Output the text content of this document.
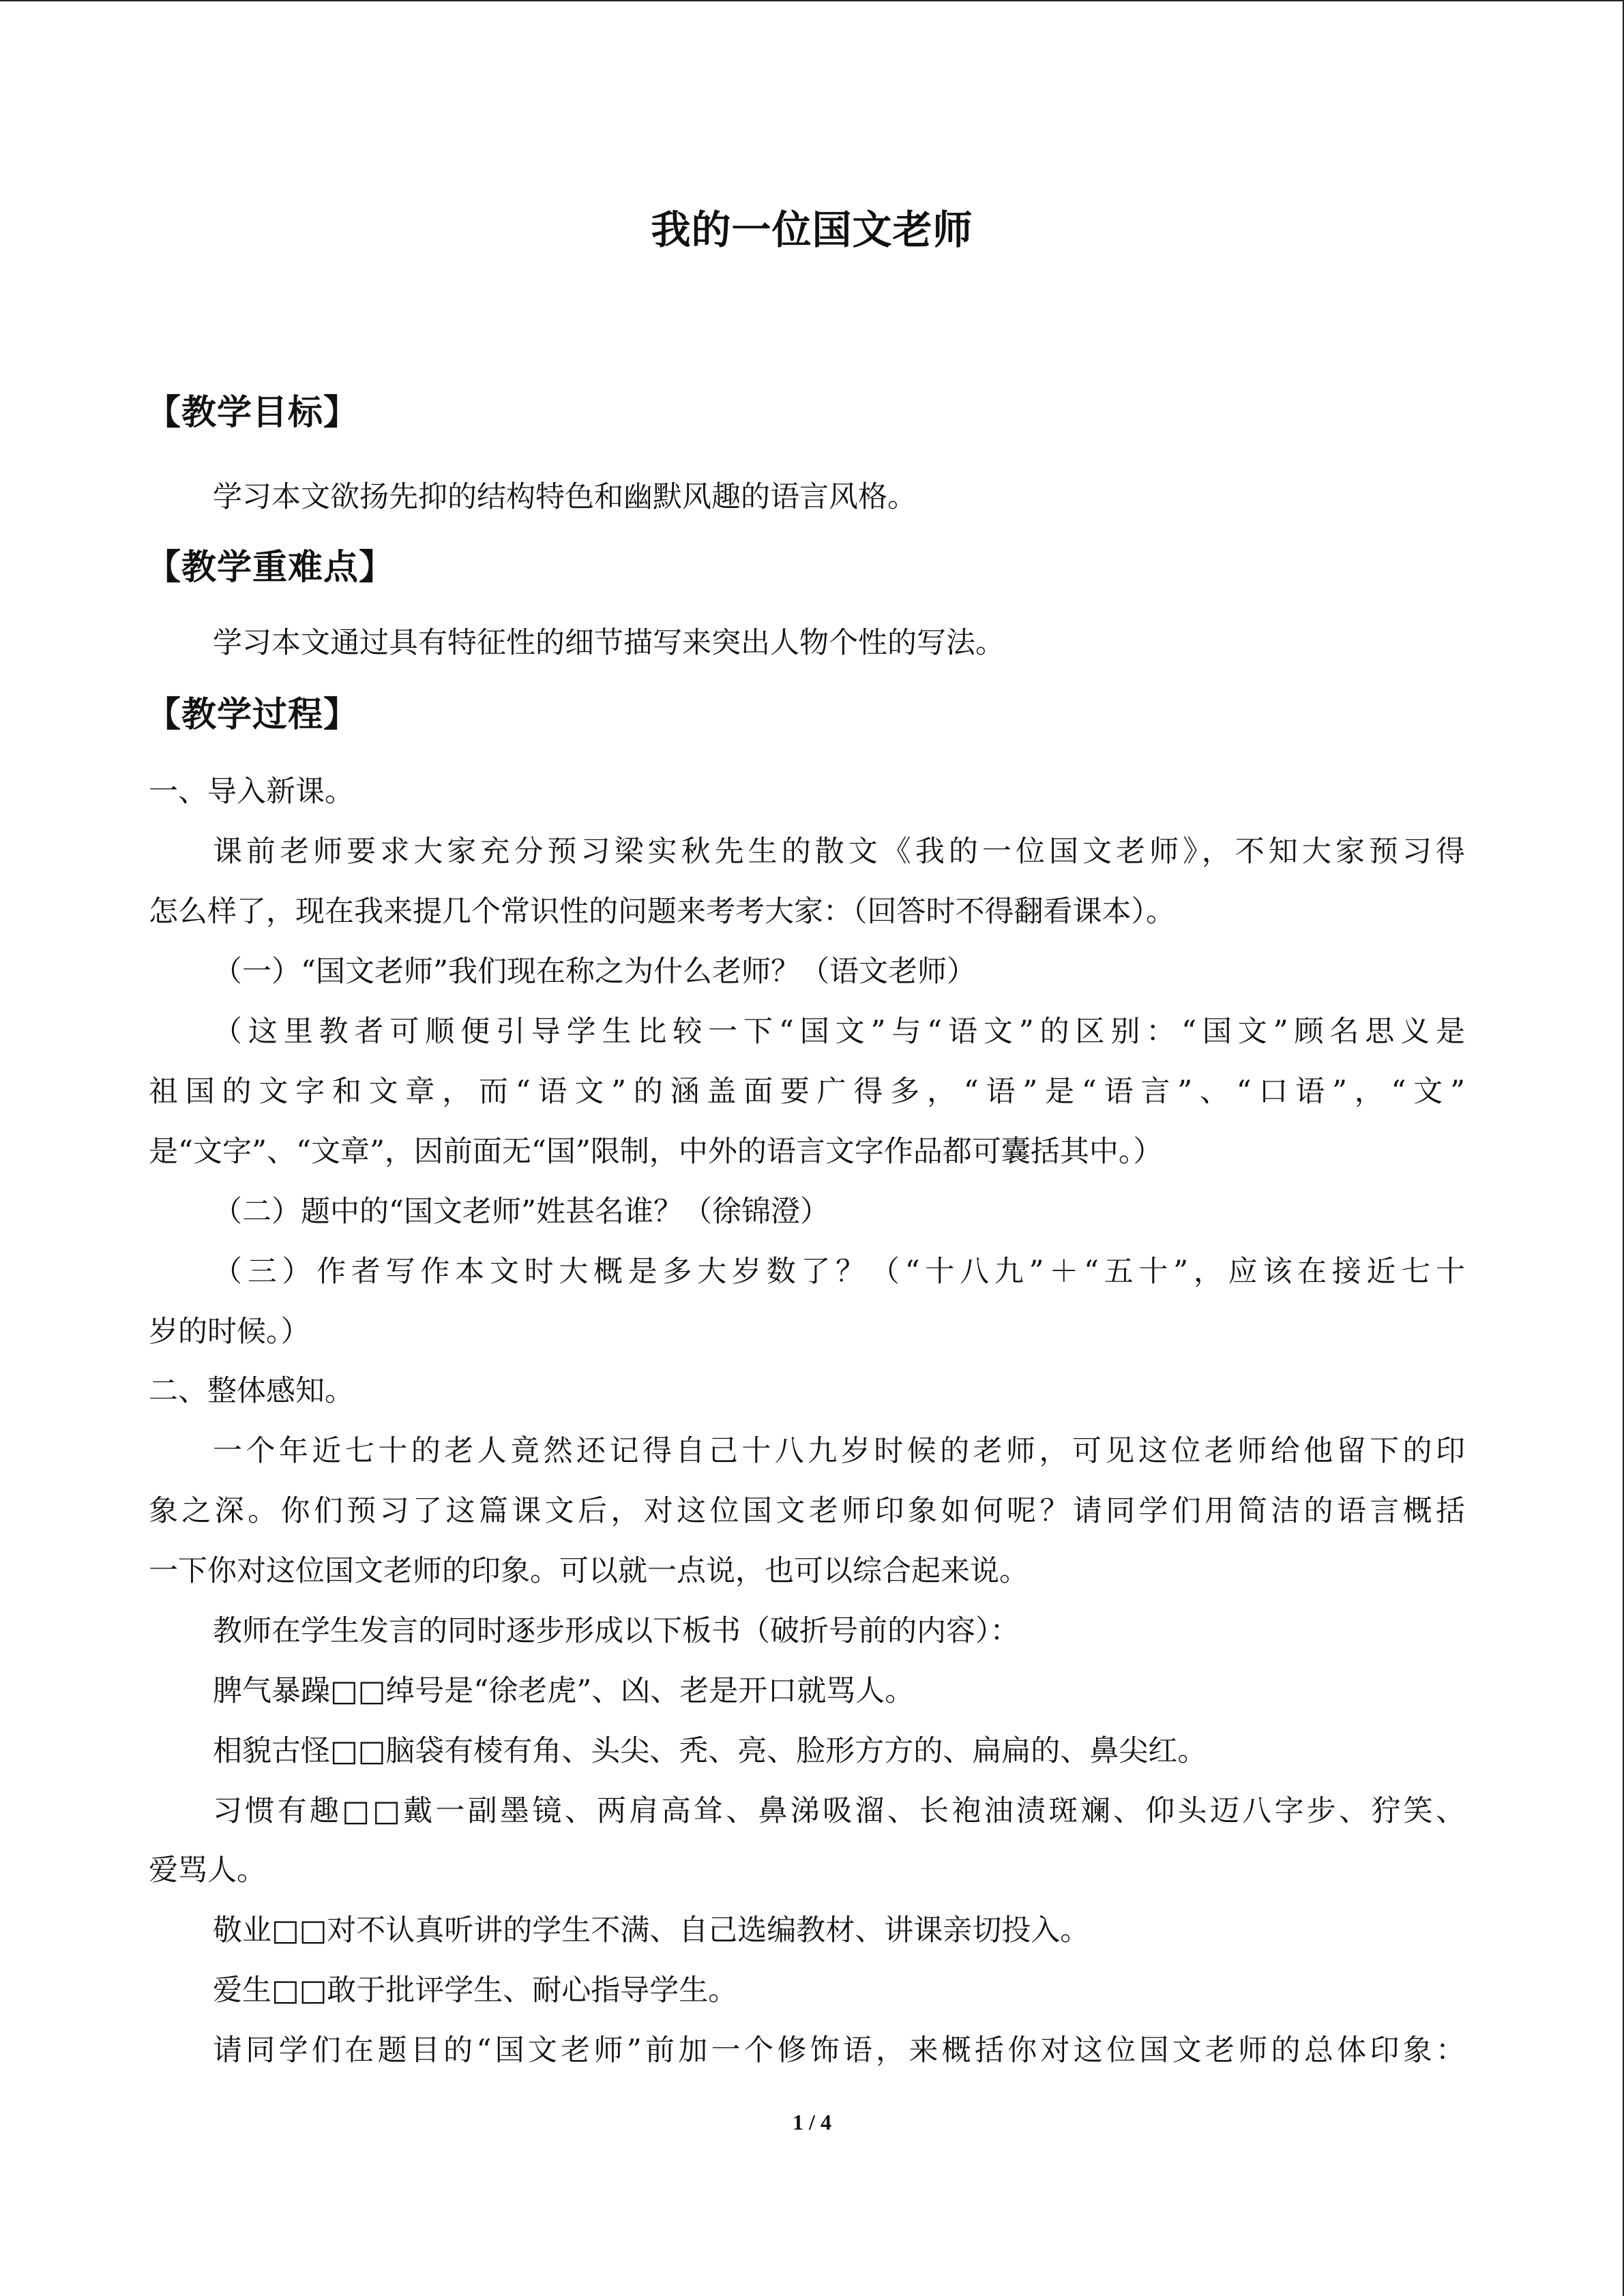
我的一位国文老师
【教学目标】
学习本文欲扬先抑的结构特色和幽默风趣的语言风格。
【教学重难点】
学习本文通过具有特征性的细节描写来突出人物个性的写法。
【教学过程】
一、导入新课。
课前老师要求大家充分预习梁实秋先生的散文《我的一位国文老师》，不知大家预习得
怎么样了，现在我来提几个常识性的问题来考考大家：（回答时不得翻看课本）。
（一）“国文老师”我们现在称之为什么老师？（语文老师）
（这里教者可顺便引导学生比较一下“国文”与“语文”的区别：“国文”顾名思义是
祖国的文字和文章，而“语文”的涵盖面要广得多，“语”是“语言”、“口语”，“文”
是“文字”、“文章”，因前面无“国”限制，中外的语言文字作品都可囊括其中。）
（二）题中的“国文老师”姓甚名谁？（徐锦澄）
（三）作者写作本文时大概是多大岁数了？（“十八九”＋“五十”，应该在接近七十
岁的时候。）
二、整体感知。
一个年近七十的老人竟然还记得自己十八九岁时候的老师，可见这位老师给他留下的印
象之深。你们预习了这篇课文后，对这位国文老师印象如何呢？请同学们用简洁的语言概括
一下你对这位国文老师的印象。可以就一点说，也可以综合起来说。
教师在学生发言的同时逐步形成以下板书（破折号前的内容）：
脾气暴躁□□绰号是“徐老虎”、凶、老是开口就骂人。
相貌古怪□□脑袋有棱有角、头尖、秃、亮、脸形方方的、扁扁的、鼻尖红。
习惯有趣□□戴一副墨镜、两肩高耸、鼻涕吸溜、长袍油渍斑斓、仰头迈八字步、狞笑、
爱骂人。
敬业□□对不认真听讲的学生不满、自己选编教材、讲课亲切投入。
爱生□□敢于批评学生、耐心指导学生。
请同学们在题目的“国文老师”前加一个修饰语，来概括你对这位国文老师的总体印象：
1 / 4
